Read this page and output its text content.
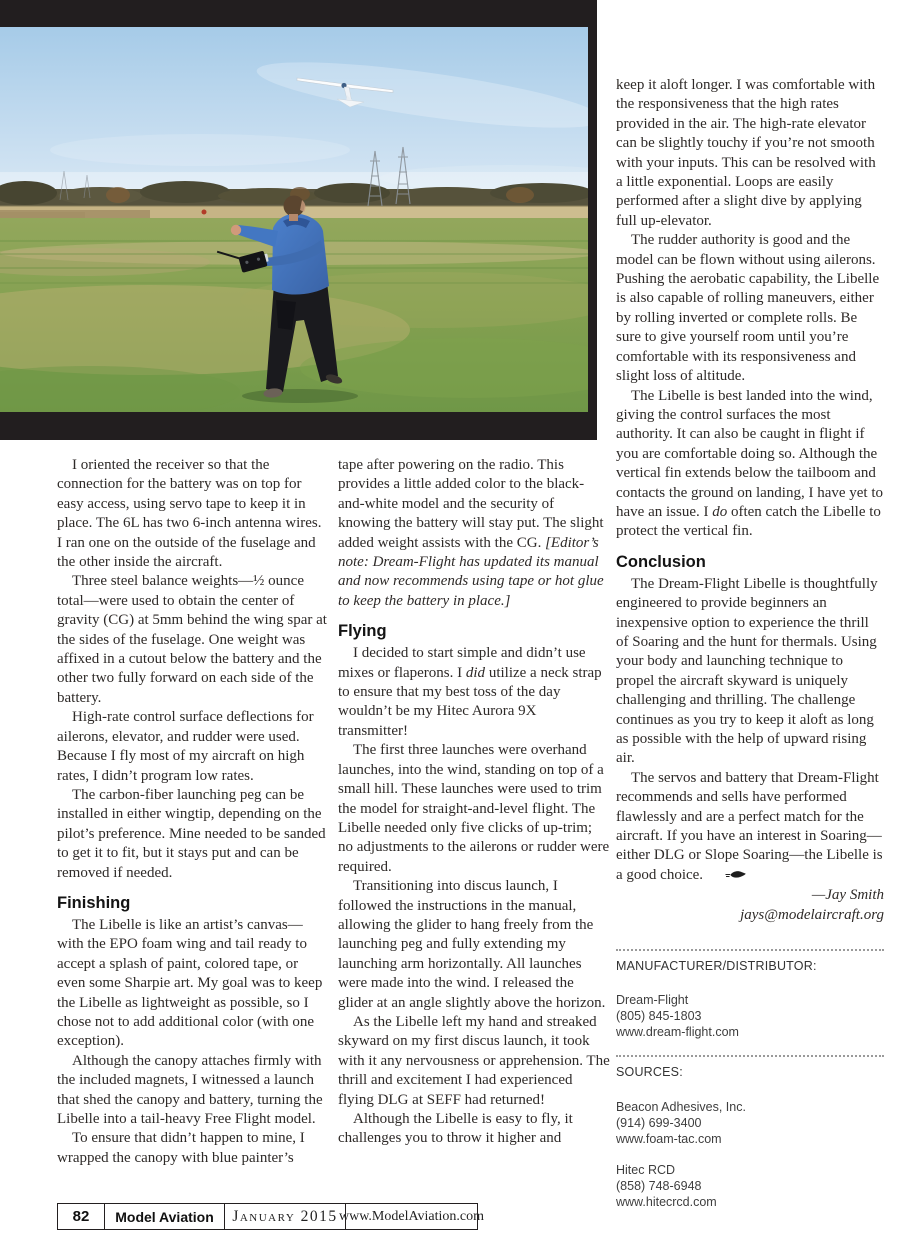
I oriented the receiver so that the connection for the battery was on top for easy access, using servo tape to keep it in place. The 6L has two 6-inch antenna wires. I ran one on the outside of the fuselage and the other inside the aircraft.

Three steel balance weights—½ ounce total—were used to obtain the center of gravity (CG) at 5mm behind the wing spar at the sides of the fuselage. One weight was affixed in a cutout below the battery and the other two fully forward on each side of the battery.

High-rate control surface deflections for ailerons, elevator, and rudder were used. Because I fly most of my aircraft on high rates, I didn’t program low rates.

The carbon-fiber launching peg can be installed in either wingtip, depending on the pilot’s preference. Mine needed to be sanded to get it to fit, but it stays put and can be removed if needed.

Finishing

The Libelle is like an artist’s canvas—with the EPO foam wing and tail ready to accept a splash of paint, colored tape, or even some Sharpie art. My goal was to keep the Libelle as lightweight as possible, so I chose not to add additional color (with one exception).

Although the canopy attaches firmly with the included magnets, I witnessed a launch that shed the canopy and battery, turning the Libelle into a tail-heavy Free Flight model.

To ensure that didn’t happen to mine, I wrapped the canopy with blue painter’s

tape after powering on the radio. This provides a little added color to the black-and-white model and the security of knowing the battery will stay put. The slight added weight assists with the CG. [Editor’s note: Dream-Flight has updated its manual and now recommends using tape or hot glue to keep the battery in place.]

Flying

I decided to start simple and didn’t use mixes or flaperons. I did utilize a neck strap to ensure that my best toss of the day wouldn’t be my Hitec Aurora 9X transmitter!

The first three launches were overhand launches, into the wind, standing on top of a small hill. These launches were used to trim the model for straight-and-level flight. The Libelle needed only five clicks of up-trim; no adjustments to the ailerons or rudder were required.

Transitioning into discus launch, I followed the instructions in the manual, allowing the glider to hang freely from the launching peg and fully extending my launching arm horizontally. All launches were made into the wind. I released the glider at an angle slightly above the horizon.

As the Libelle left my hand and streaked skyward on my first discus launch, it took with it any nervousness or apprehension. The thrill and excitement I had experienced flying DLG at SEFF had returned!

Although the Libelle is easy to fly, it challenges you to throw it higher and

keep it aloft longer. I was comfortable with the responsiveness that the high rates provided in the air. The high-rate elevator can be slightly touchy if you’re not smooth with your inputs. This can be resolved with a little exponential. Loops are easily performed after a slight dive by applying full up-elevator.

The rudder authority is good and the model can be flown without using ailerons. Pushing the aerobatic capability, the Libelle is also capable of rolling maneuvers, either by rolling inverted or complete rolls. Be sure to give yourself room until you’re comfortable with its responsiveness and slight loss of altitude.

The Libelle is best landed into the wind, giving the control surfaces the most authority. It can also be caught in flight if you are comfortable doing so. Although the vertical fin extends below the tailboom and contacts the ground on landing, I have yet to have an issue. I do often catch the Libelle to protect the vertical fin.

Conclusion

The Dream-Flight Libelle is thoughtfully engineered to provide beginners an inexpensive option to experience the thrill of Soaring and the hunt for thermals. Using your body and launching technique to propel the aircraft skyward is uniquely challenging and thrilling. The challenge continues as you try to keep it aloft as long as possible with the help of upward rising air.

The servos and battery that Dream-Flight recommends and sells have performed flawlessly and are a perfect match for the aircraft. If you have an interest in Soaring—either DLG or Slope Soaring—the Libelle is a good choice.

—Jay Smith

jays@modelaircraft.org

MANUFACTURER/DISTRIBUTOR:
Dream-Flight
(805) 845-1803
www.dream-flight.com
SOURCES:
Beacon Adhesives, Inc.
(914) 699-3400
www.foam-tac.com
Hitec RCD
(858) 748-6948
www.hitecrcd.com
82	Model Aviation	January 2015 www.ModelAviation.com
